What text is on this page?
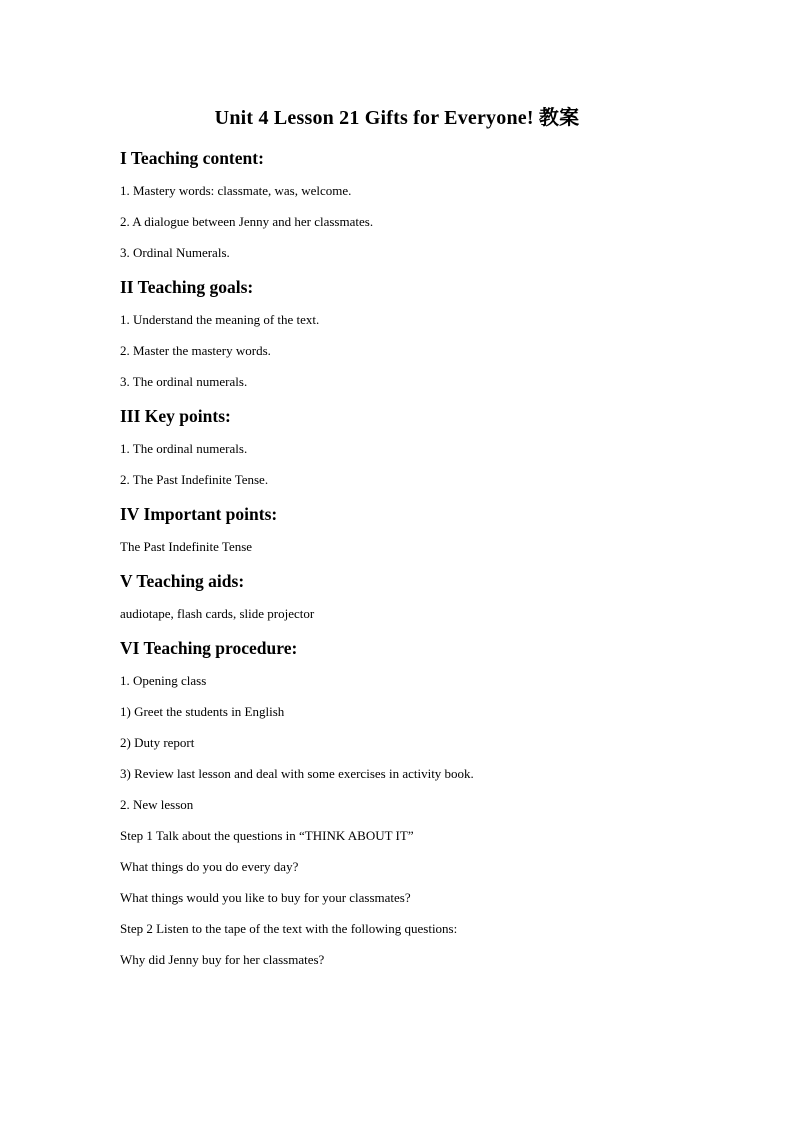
Unit 4 Lesson 21 Gifts for Everyone! 教案
I Teaching content:
1. Mastery words: classmate, was, welcome.
2. A dialogue between Jenny and her classmates.
3. Ordinal Numerals.
II Teaching goals:
1. Understand the meaning of the text.
2. Master the mastery words.
3. The ordinal numerals.
III Key points:
1. The ordinal numerals.
2. The Past Indefinite Tense.
IV Important points:
The Past Indefinite Tense
V Teaching aids:
audiotape, flash cards, slide projector
VI Teaching procedure:
1. Opening class
1) Greet the students in English
2) Duty report
3) Review last lesson and deal with some exercises in activity book.
2. New lesson
Step 1 Talk about the questions in “THINK ABOUT IT”
What things do you do every day?
What things would you like to buy for your classmates?
Step 2 Listen to the tape of the text with the following questions:
Why did Jenny buy for her classmates?
